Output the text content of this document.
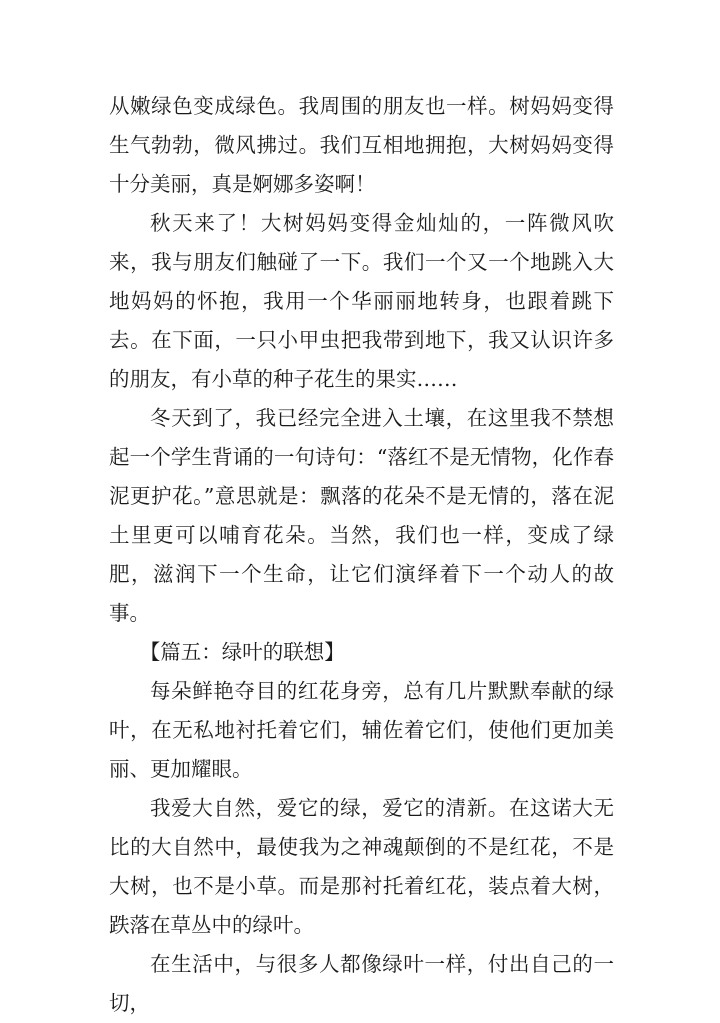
从嫩绿色变成绿色。我周围的朋友也一样。树妈妈变得生气勃勃，微风拂过。我们互相地拥抱，大树妈妈变得十分美丽，真是婀娜多姿啊！

秋天来了！大树妈妈变得金灿灿的，一阵微风吹来，我与朋友们触碰了一下。我们一个又一个地跳入大地妈妈的怀抱，我用一个华丽丽地转身，也跟着跳下去。在下面，一只小甲虫把我带到地下，我又认识许多的朋友，有小草的种子花生的果实……

冬天到了，我已经完全进入土壤，在这里我不禁想起一个学生背诵的一句诗句：“落红不是无情物，化作春泥更护花。”意思就是：飘落的花朵不是无情的，落在泥土里更可以哺育花朵。当然，我们也一样，变成了绿肥，滋润下一个生命，让它们演绎着下一个动人的故事。

【篇五：绿叶的联想】

每朵鲜艳夺目的红花身旁，总有几片默默奉献的绿叶，在无私地衬托着它们，辅佐着它们，使他们更加美丽、更加耀眼。

我爱大自然，爱它的绿，爱它的清新。在这诺大无比的大自然中，最使我为之神魂颠倒的不是红花，不是大树，也不是小草。而是那衬托着红花，装点着大树，跌落在草丛中的绿叶。

在生活中，与很多人都像绿叶一样，付出自己的一切，
